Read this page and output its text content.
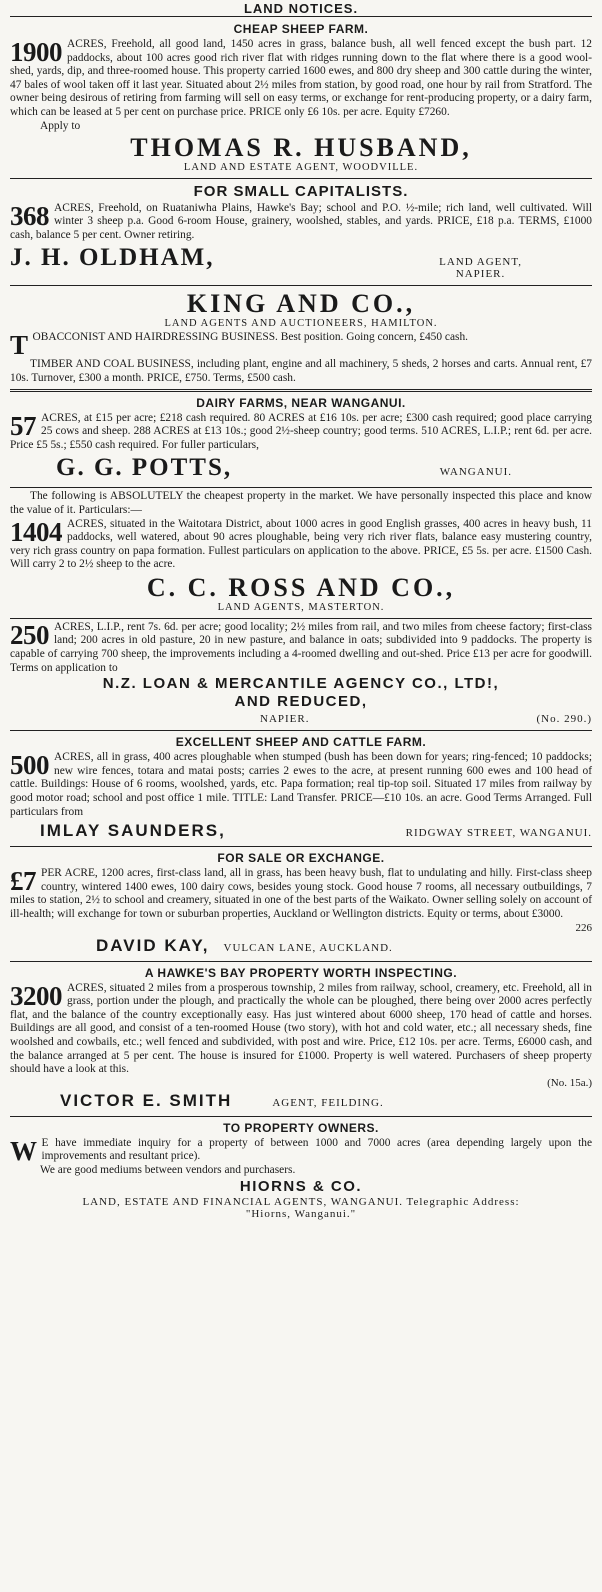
LAND NOTICES.
CHEAP SHEEP FARM.

1900 ACRES, Freehold, all good land, 1450 acres in grass, balance bush, all well fenced except the bush part. 12 paddocks, about 100 acres good rich river flat with ridges running down to the flat where there is a good wool-shed, yards, dip, and three-roomed house. This property carried 1600 ewes, and 800 dry sheep and 300 cattle during the winter, 47 bales of wool taken off it last year. Situated about 2½ miles from station, by good road, one hour by rail from Stratford. The owner being desirous of retiring from farming will sell on easy terms, or exchange for rent-producing property, or a dairy farm, which can be leased at 5 per cent on purchase price. PRICE only £6 10s. per acre. Equity £7260.

Apply to
THOMAS R. HUSBAND,
LAND AND ESTATE AGENT, WOODVILLE.
FOR SMALL CAPITALISTS.

368 ACRES, Freehold, on Ruataniwha Plains, Hawke's Bay; school and P.O. ½-mile; rich land, well cultivated. Will winter 3 sheep p.a. Good 6-room House, grainery, woolshed, stables, and yards. PRICE, £18 p.a. TERMS, £1000 cash, balance 5 per cent. Owner retiring.

J. H. OLDHAM,	LAND AGENT,
NAPIER.
KING AND CO.,
LAND AGENTS AND AUCTIONEERS, HAMILTON.

TOBACCONIST AND HAIRDRESSING BUSINESS. Best position. Going concern, £450 cash.

TIMBER AND COAL BUSINESS, including plant, engine and all machinery, 5 sheds, 2 horses and carts. Annual rent, £7 10s. Turnover, £300 a month. PRICE, £750. Terms, £500 cash.

DAIRY FARMS, NEAR WANGANUI.

57 ACRES, at £15 per acre; £218 cash required. 80 ACRES at £16 10s. per acre; £300 cash required; good place carrying 25 cows and sheep. 288 ACRES at £13 10s.; good 2½-sheep country; good terms. 510 ACRES, L.I.P.; rent 6d. per acre. Price £5 5s.; £550 cash required. For fuller particulars,

G. G. POTTS,	WANGANUI.

The following is ABSOLUTELY the cheapest property in the market. We have personally inspected this place and know the value of it. Particulars:—

1404 ACRES, situated in the Waitotara District, about 1000 acres in good English grasses, 400 acres in heavy bush, 11 paddocks, well watered, about 90 acres ploughable, being very rich river flats, balance easy mustering country, very rich grass country on papa formation. Fullest particulars on application to the above. PRICE, £5 5s. per acre. £1500 Cash. Will carry 2 to 2½ sheep to the acre.

C. C. ROSS AND CO.,
LAND AGENTS, MASTERTON.

250 ACRES, L.I.P., rent 7s. 6d. per acre; good locality; 2½ miles from rail, and two miles from cheese factory; first-class land; 200 acres in old pasture, 20 in new pasture, and balance in oats; subdivided into 9 paddocks. The property is capable of carrying 700 sheep, the improvements including a 4-roomed dwelling and out-shed. Price £13 per acre for goodwill. Terms on application to

N.Z. LOAN & MERCANTILE AGENCY CO., LTD!,
AND REDUCED,
NAPIER.	(No. 290.)
EXCELLENT SHEEP AND CATTLE FARM.

500 ACRES, all in grass, 400 acres ploughable when stumped (bush has been down for years; ring-fenced; 10 paddocks; new wire fences, totara and matai posts; carries 2 ewes to the acre, at present running 600 ewes and 100 head of cattle. Buildings: House of 6 rooms, woolshed, yards, etc. Papa formation; real tip-top soil. Situated 17 miles from railway by good motor road; school and post office 1 mile. TITLE: Land Transfer. PRICE—£10 10s. an acre. Good Terms Arranged. Full particulars from

IMLAY SAUNDERS,	RIDGWAY STREET, WANGANUI.
FOR SALE OR EXCHANGE.

£7 PER ACRE, 1200 acres, first-class land, all in grass, has been heavy bush, flat to undulating and hilly. First-class sheep country, wintered 1400 ewes, 100 dairy cows, besides young stock. Good house 7 rooms, all necessary outbuildings, 7 miles to station, 2½ to school and creamery, situated in one of the best parts of the Waikato. Owner selling solely on account of ill-health; will exchange for town or suburban properties, Auckland or Wellington districts. Equity or terms, about £3000.

226
DAVID KAY, VULCAN LANE, AUCKLAND.
A HAWKE'S BAY PROPERTY WORTH INSPECTING.

3200 ACRES, situated 2 miles from a prosperous township, 2 miles from railway, school, creamery, etc. Freehold, all in grass, portion under the plough, and practically the whole can be ploughed, there being over 2000 acres perfectly flat, and the balance of the country exceptionally easy. Has just wintered about 6000 sheep, 170 head of cattle and horses. Buildings are all good, and consist of a ten-roomed House (two story), with hot and cold water, etc.; all necessary sheds, fine woolshed and cowbails, etc.; well fenced and subdivided, with post and wire. Price, £12 10s. per acre. Terms, £6000 cash, and the balance arranged at 5 per cent. The house is insured for £1000. Property is well watered. Purchasers of sheep property should have a look at this.

(No. 15a.)
VICTOR E. SMITH	AGENT, FEILDING.
TO PROPERTY OWNERS.

W E have immediate inquiry for a property of between 1000 and 7000 acres (area depending largely upon the improvements and resultant price).

We are good mediums between vendors and purchasers.

HIORNS & CO.
LAND, ESTATE AND FINANCIAL AGENTS, WANGANUI. Telegraphic Address:
"Hiorns, Wanganui."
